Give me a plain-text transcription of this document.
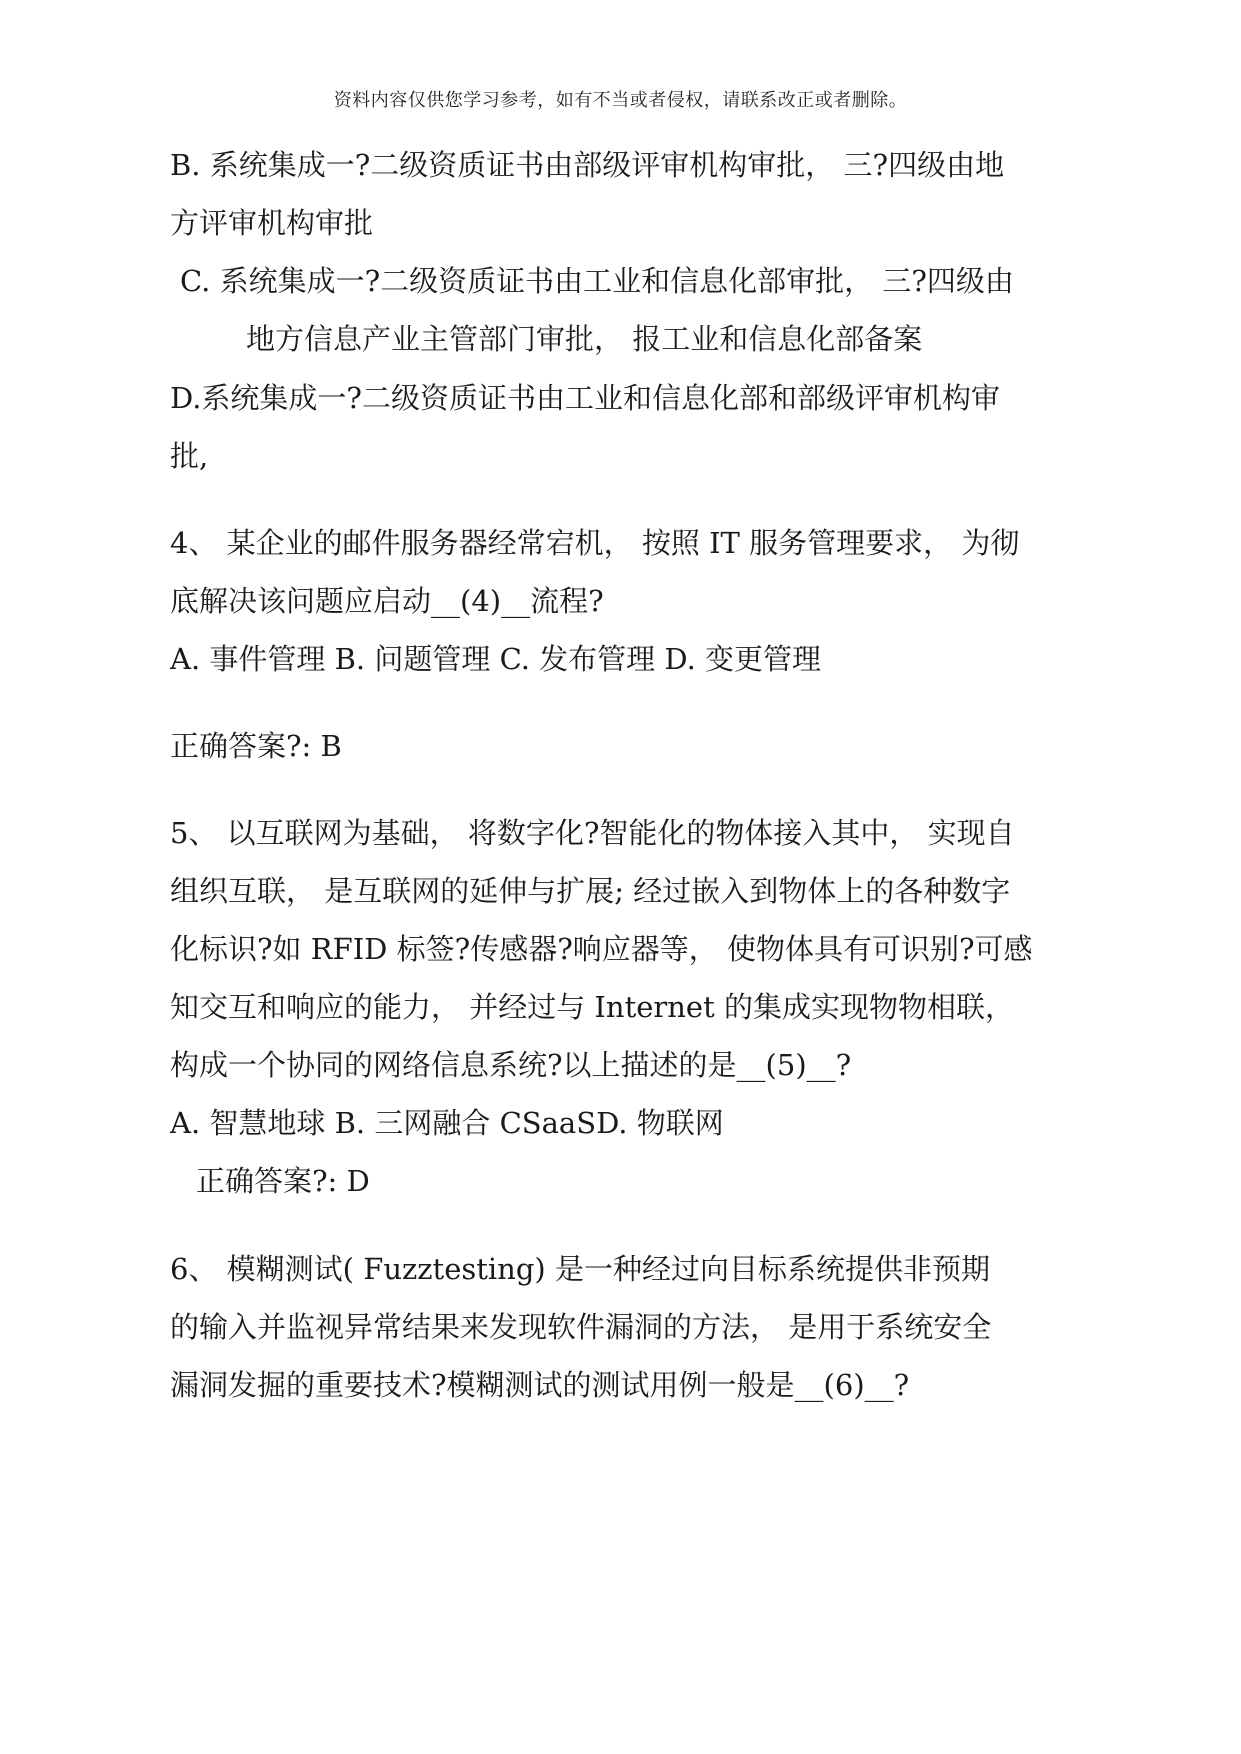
资料内容仅供您学习参考，如有不当或者侵权，请联系改正或者删除。
B. 系统集成一?二级资质证书由部级评审机构审批， 三?四级由地
方评审机构审批
C. 系统集成一?二级资质证书由工业和信息化部审批， 三?四级由
地方信息产业主管部门审批， 报工业和信息化部备案
D.系统集成一?二级资质证书由工业和信息化部和部级评审机构审
批,
4、 某企业的邮件服务器经常宕机， 按照 IT 服务管理要求， 为彻
底解决该问题应启动__(4)__流程?
A. 事件管理 B. 问题管理 C. 发布管理 D. 变更管理
正确答案?: B
5、 以互联网为基础， 将数字化?智能化的物体接入其中， 实现自
组织互联， 是互联网的延伸与扩展; 经过嵌入到物体上的各种数字
化标识?如 RFID 标签?传感器?响应器等， 使物体具有可识别?可感
知交互和响应的能力， 并经过与 Internet 的集成实现物物相联，
构成一个协同的网络信息系统?以上描述的是__(5)__?
A. 智慧地球 B. 三网融合 CSaaSD. 物联网
正确答案?: D
6、 模糊测试( Fuzztesting) 是一种经过向目标系统提供非预期
的输入并监视异常结果来发现软件漏洞的方法， 是用于系统安全
漏洞发掘的重要技术?模糊测试的测试用例一般是__(6)__?
